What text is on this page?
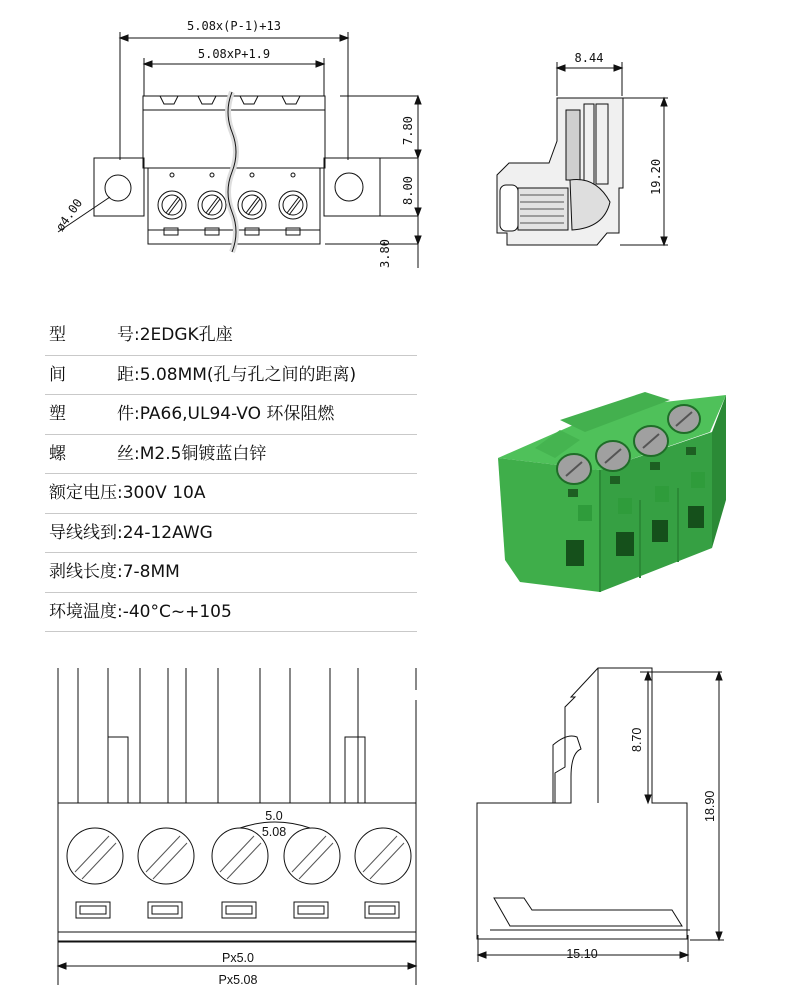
5.08x(P-1)+13
5.08xP+1.9
ø4.00
7.80
8.00
3.80
8.44
19.20
型	号:2EDGK孔座
间	距:5.08MM(孔与孔之间的距离)
塑	件:PA66,UL94-VO 环保阻燃
螺	丝:M2.5铜镀蓝白锌
额定电压:300V 10A
导线线到:24-12AWG
剥线长度:7-8MM
环境温度:-40°C~+105
5.0
5.08
Px5.0
Px5.08
8.70
18.90
15.10
